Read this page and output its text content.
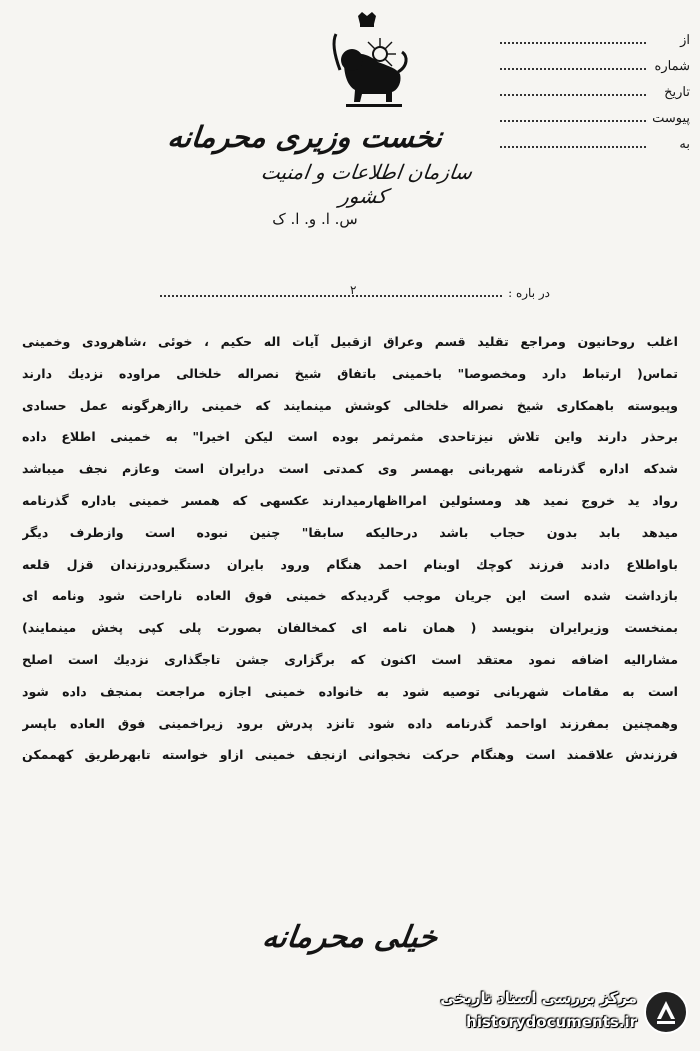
از
شماره
تاریخ
پیوست
به
نخست وزیری محرمانه
سازمان اطلاعات و امنیت کشور
س. ا. و. ا. ک
در باره :
۲
اغلب روحانیون ومراجع تقلید قسم وعراق ازقبیل آیات اله حکیم ، خوئی ،شاهرودی وخمینی
تماس( ارتباط دارد ومخصوصا" باخمینی باتفاق شیخ نصراله خلخالی مراوده نزدیك دارند
وپیوسته باهمکاری شیخ نصراله خلخالی کوشش مینمایند که خمینی راازهرگونه عمل حسادی
برحذر دارند واین تلاش نیزتاحدی مثمرثمر بوده است لیکن اخیرا" به خمینی اطلاع داده
شدکه اداره گذرنامه شهربانی بهمسر وی کمدتی است درایران است وعازم نجف میباشد
رواد ید خروج نمید هد ومسئولین امرااظهارمیدارند عکسهی که همسر خمینی باداره گذرنامه
میدهد بابد بدون حجاب باشد درحالیکه سابقا" چنین نبوده است وازطرف دیگر
باواطلاع دادند فرزند کوچك اوبنام احمد هنگام ورود بایران دستگیرودرزندان قزل قلعه
بازداشت شده است این جریان موجب گردیدکه خمینی فوق العاده ناراحت شود ونامه ای
بمنخست وزیرایران بنویسد ( همان نامه ای کمخالفان بصورت پلی کپی پخش مینمایند)
مشارالیه اضافه نمود معتقد است اکنون که برگزاری جشن تاجگذاری نزدیك است اصلح
است به مقامات شهربانی توصیه شود به خانواده خمینی اجازه مراجعت بمنجف داده شود
وهمچنین بمفرزند اواحمد گذرنامه داده شود تانزد پدرش برود زیراخمینی فوق العاده باپسر
فرزندش علاقمند است وهنگام حرکت نخجوانی ازنجف خمینی ازاو خواسته تابهرطریق کهممکن
خیلی محرمانه
مرکز بررسی اسناد تاریخی
historydocuments.ir
